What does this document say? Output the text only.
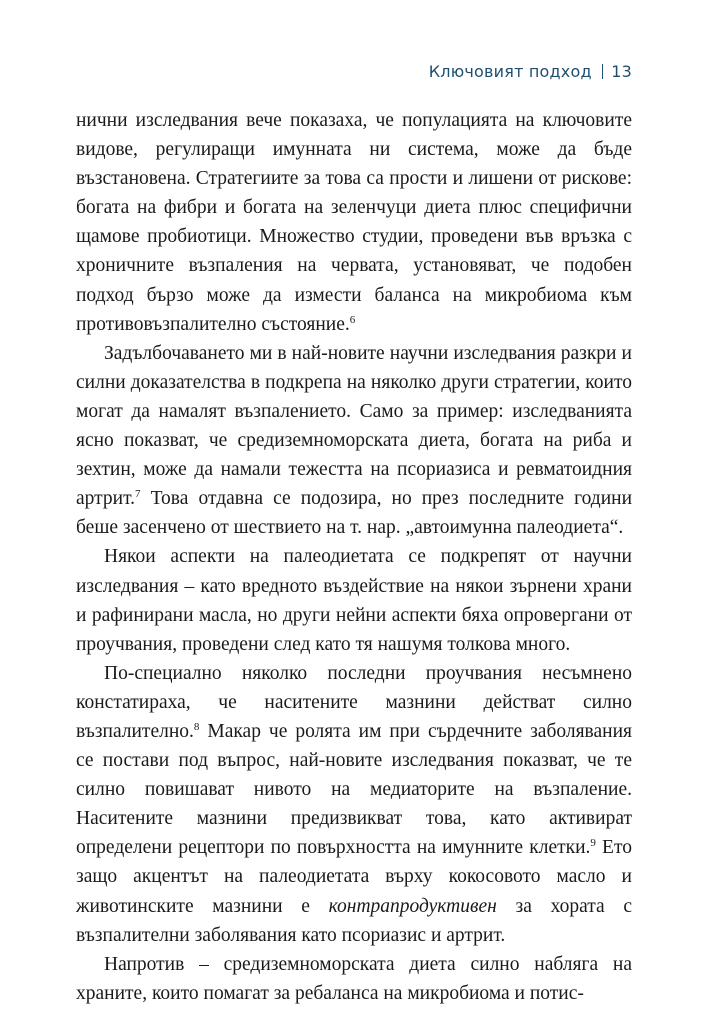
Ключовият подход 13

нични изследвания вече показаха, че популацията на ключовите видове, регулиращи имунната ни система, може да бъде възстановена. Стратегиите за това са прости и лишени от рискове: богата на фибри и богата на зеленчуци диета плюс специфични щамове пробиотици. Множество студии, проведени във връзка с хроничните възпаления на червата, установяват, че подобен подход бързо може да измести баланса на микробиома към противовъзпалително състояние.$^6$

Задълбочаването ми в най-новите научни изследвания разкри и силни доказателства в подкрепа на няколко други стратегии, които могат да намалят възпалението. Само за пример: изследванията ясно показват, че средиземноморската диета, богата на риба и зехтин, може да намали тежестта на псориазиса и ревматоидния артрит.$^7$ Това отдавна се подозира, но през последните години беше засенчено от шествието на т. нар. „автоимунна палеодиета“.

Някои аспекти на палеодиетата се подкрепят от научни изследвания – като вредното въздействие на някои зърнени храни и рафинирани масла, но други нейни аспекти бяха опровергани от проучвания, проведени след като тя нашумя толкова много.

По-специално няколко последни проучвания несъмнено констатираха, че наситените мазнини действат силно възпалително.$^8$ Макар че ролята им при сърдечните заболявания се постави под въпрос, най-новите изследвания показват, че те силно повишават нивото на медиаторите на възпаление. Наситените мазнини предизвикват това, като активират определени рецептори по повърхността на имунните клетки.$^9$ Ето защо акцентът на палеодиетата върху кокосовото масло и животинските мазнини е контрапродуктивен за хората с възпалителни заболявания като псориазис и артрит.

Напротив – средиземноморската диета силно набляга на храните, които помагат за ребаланса на микробиома и потис-
